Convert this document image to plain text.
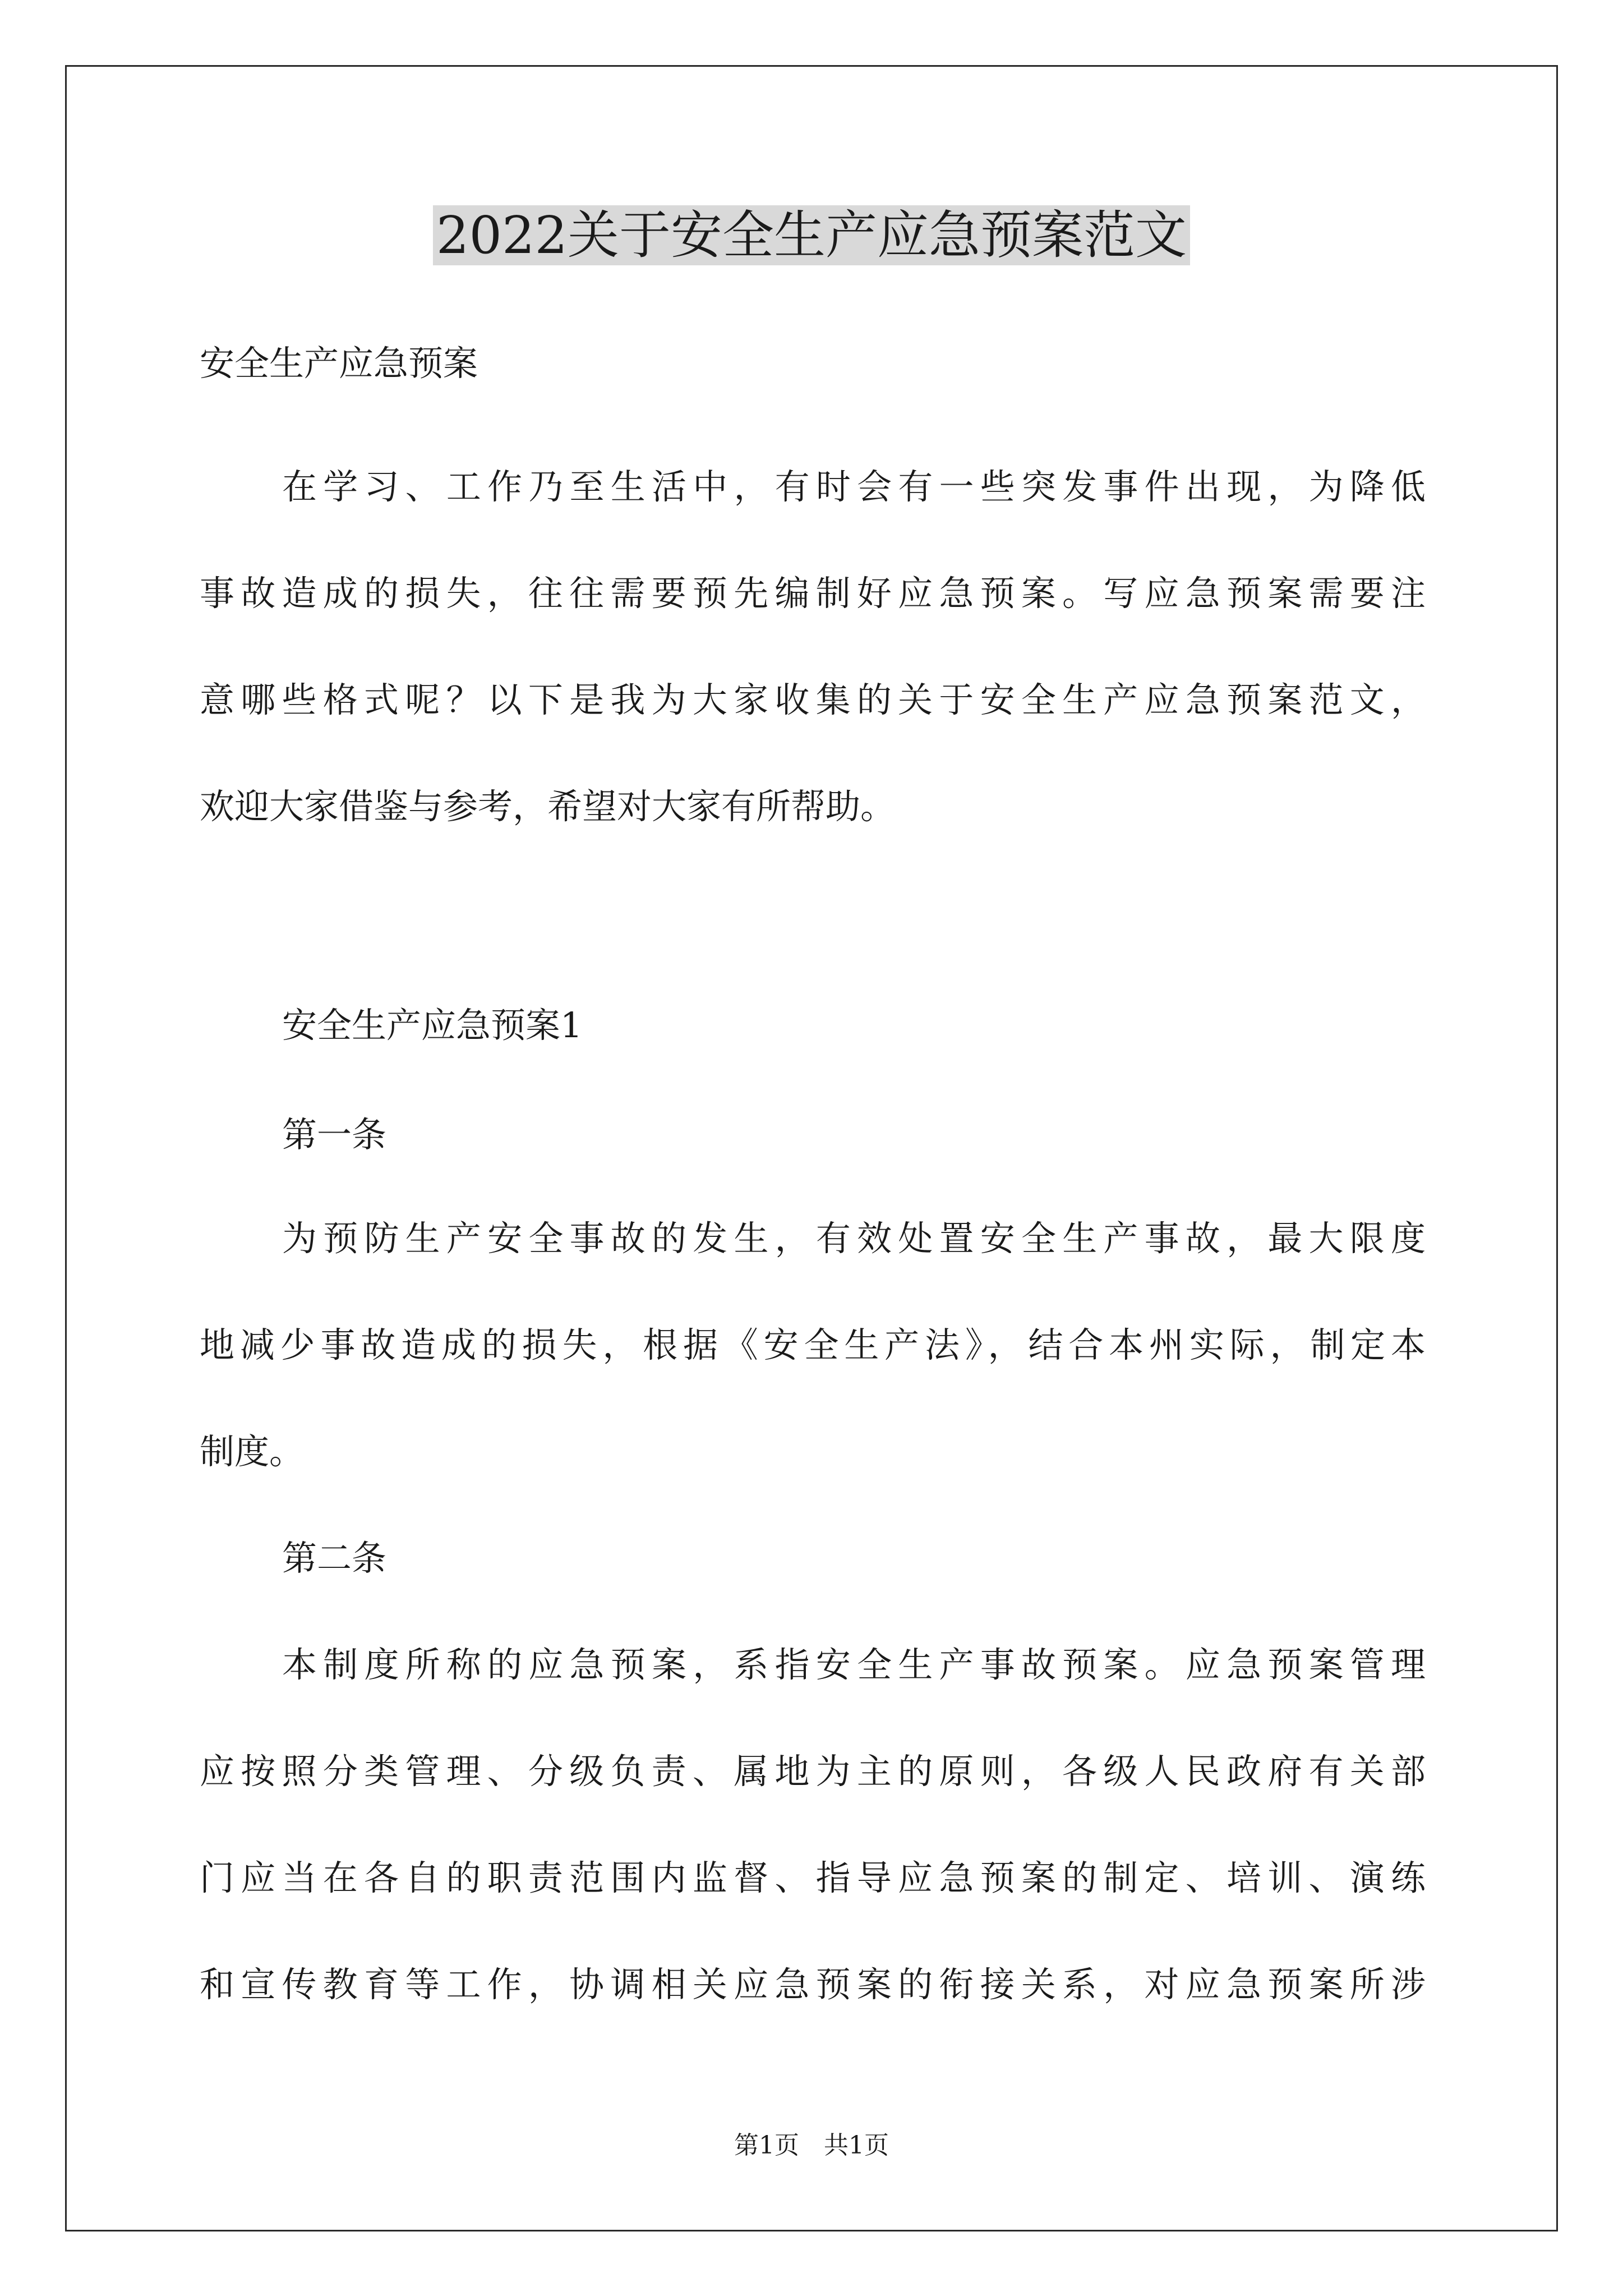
2022关于安全生产应急预案范文

安全生产应急预案

在学习、工作乃至生活中，有时会有一些突发事件出现，为降低

事故造成的损失，往往需要预先编制好应急预案。写应急预案需要注

意哪些格式呢？以下是我为大家收集的关于安全生产应急预案范文，

欢迎大家借鉴与参考，希望对大家有所帮助。

安全生产应急预案1

第一条

为预防生产安全事故的发生，有效处置安全生产事故，最大限度

地减少事故造成的损失，根据《安全生产法》，结合本州实际，制定本

制度。

第二条

本制度所称的应急预案，系指安全生产事故预案。应急预案管理

应按照分类管理、分级负责、属地为主的原则，各级人民政府有关部

门应当在各自的职责范围内监督、指导应急预案的制定、培训、演练

和宣传教育等工作，协调相关应急预案的衔接关系，对应急预案所涉

第1页　共1页
